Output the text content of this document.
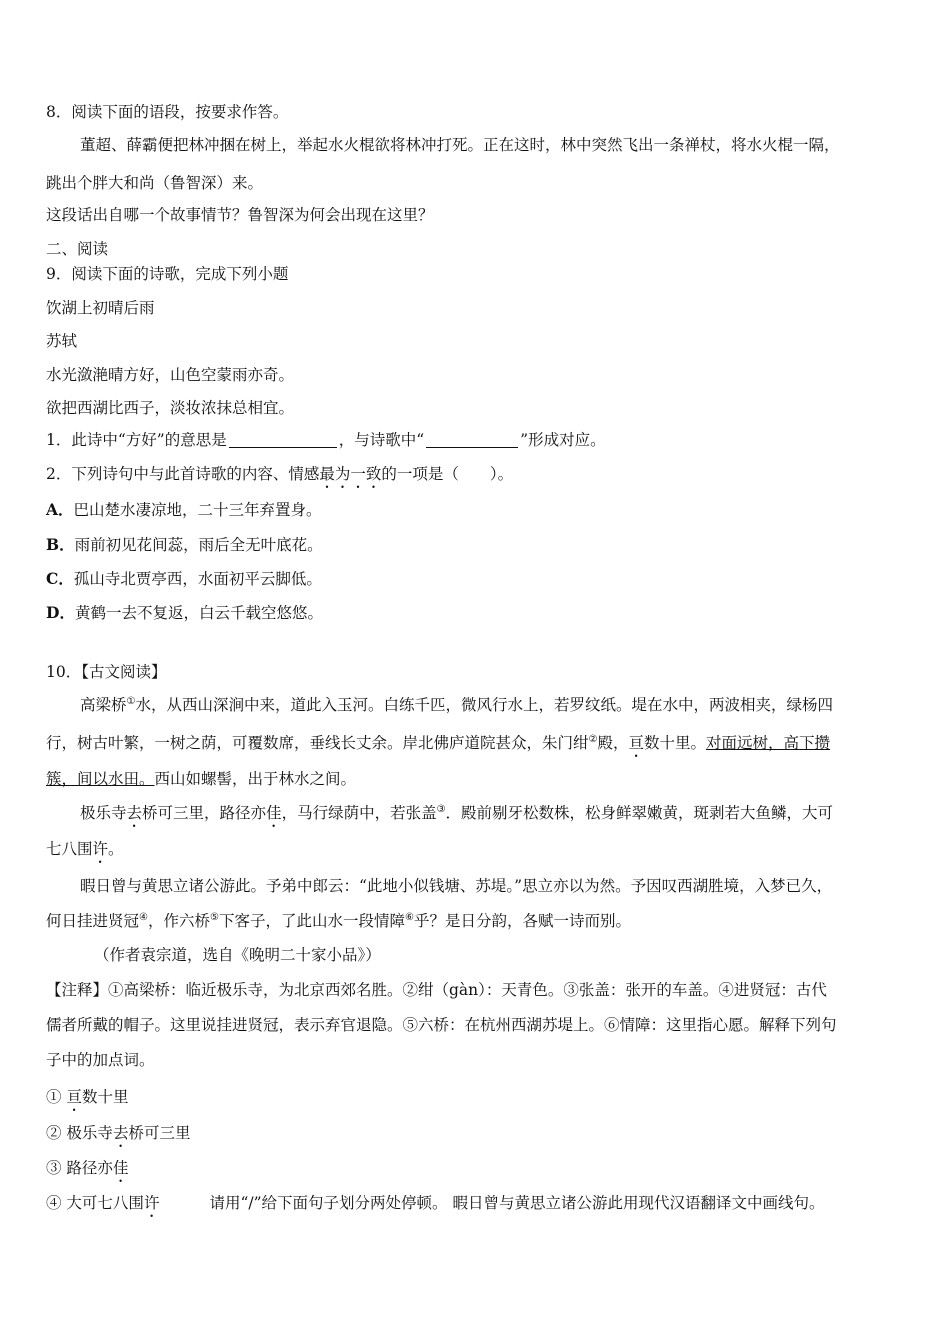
8．阅读下面的语段，按要求作答。
董超、薛霸便把林冲捆在树上，举起水火棍欲将林冲打死。正在这时，林中突然飞出一条禅杖，将水火棍一隔，
跳出个胖大和尚（鲁智深）来。
这段话出自哪一个故事情节？鲁智深为何会出现在这里？
二、阅读
9．阅读下面的诗歌，完成下列小题
饮湖上初晴后雨
苏轼
水光潋滟晴方好，山色空蒙雨亦奇。
欲把西湖比西子，淡妆浓抹总相宜。
1．此诗中“方好”的意思是	，与诗歌中“	”形成对应。
2．下列诗句中与此首诗歌的内容、情感最为一致的一项是（　　）。
A．巴山楚水凄凉地，二十三年弃置身。
B．雨前初见花间蕊，雨后全无叶底花。
C．孤山寺北贾亭西，水面初平云脚低。
D．黄鹤一去不复返，白云千载空悠悠。
10．【古文阅读】
高梁桥①水，从西山深涧中来，道此入玉河。白练千匹，微风行水上，若罗纹纸。堤在水中，两波相夹，绿杨四
行，树古叶繁，一树之荫，可覆数席，垂线长丈余。岸北佛庐道院甚众，朱门绀②殿，亘数十里。对面远树，高下攒
簇，间以水田。西山如螺髻，出于林水之间。
极乐寺去桥可三里，路径亦佳，马行绿荫中，若张盖③．殿前剔牙松数株，松身鲜翠嫩黄，斑剥若大鱼鳞，大可
七八围许。
暇日曾与黄思立诸公游此。予弟中郎云：“此地小似钱塘、苏堤。”思立亦以为然。予因叹西湖胜境，入梦已久，
何日挂进贤冠④，作六桥⑤下客子，了此山水一段情障⑥乎？是日分韵，各赋一诗而别。
（作者袁宗道，选自《晚明二十家小品》）
【注释】①高梁桥：临近极乐寺，为北京西郊名胜。②绀（gàn）：天青色。③张盖：张开的车盖。④进贤冠：古代
儒者所戴的帽子。这里说挂进贤冠，表示弃官退隐。⑤六桥：在杭州西湖苏堤上。⑥情障：这里指心愿。解释下列句
子中的加点词。
① 亘数十里
② 极乐寺去桥可三里
③ 路径亦佳
④ 大可七八围许	请用“/”给下面句子划分两处停顿。 暇日曾与黄思立诸公游此用现代汉语翻译文中画线句。
